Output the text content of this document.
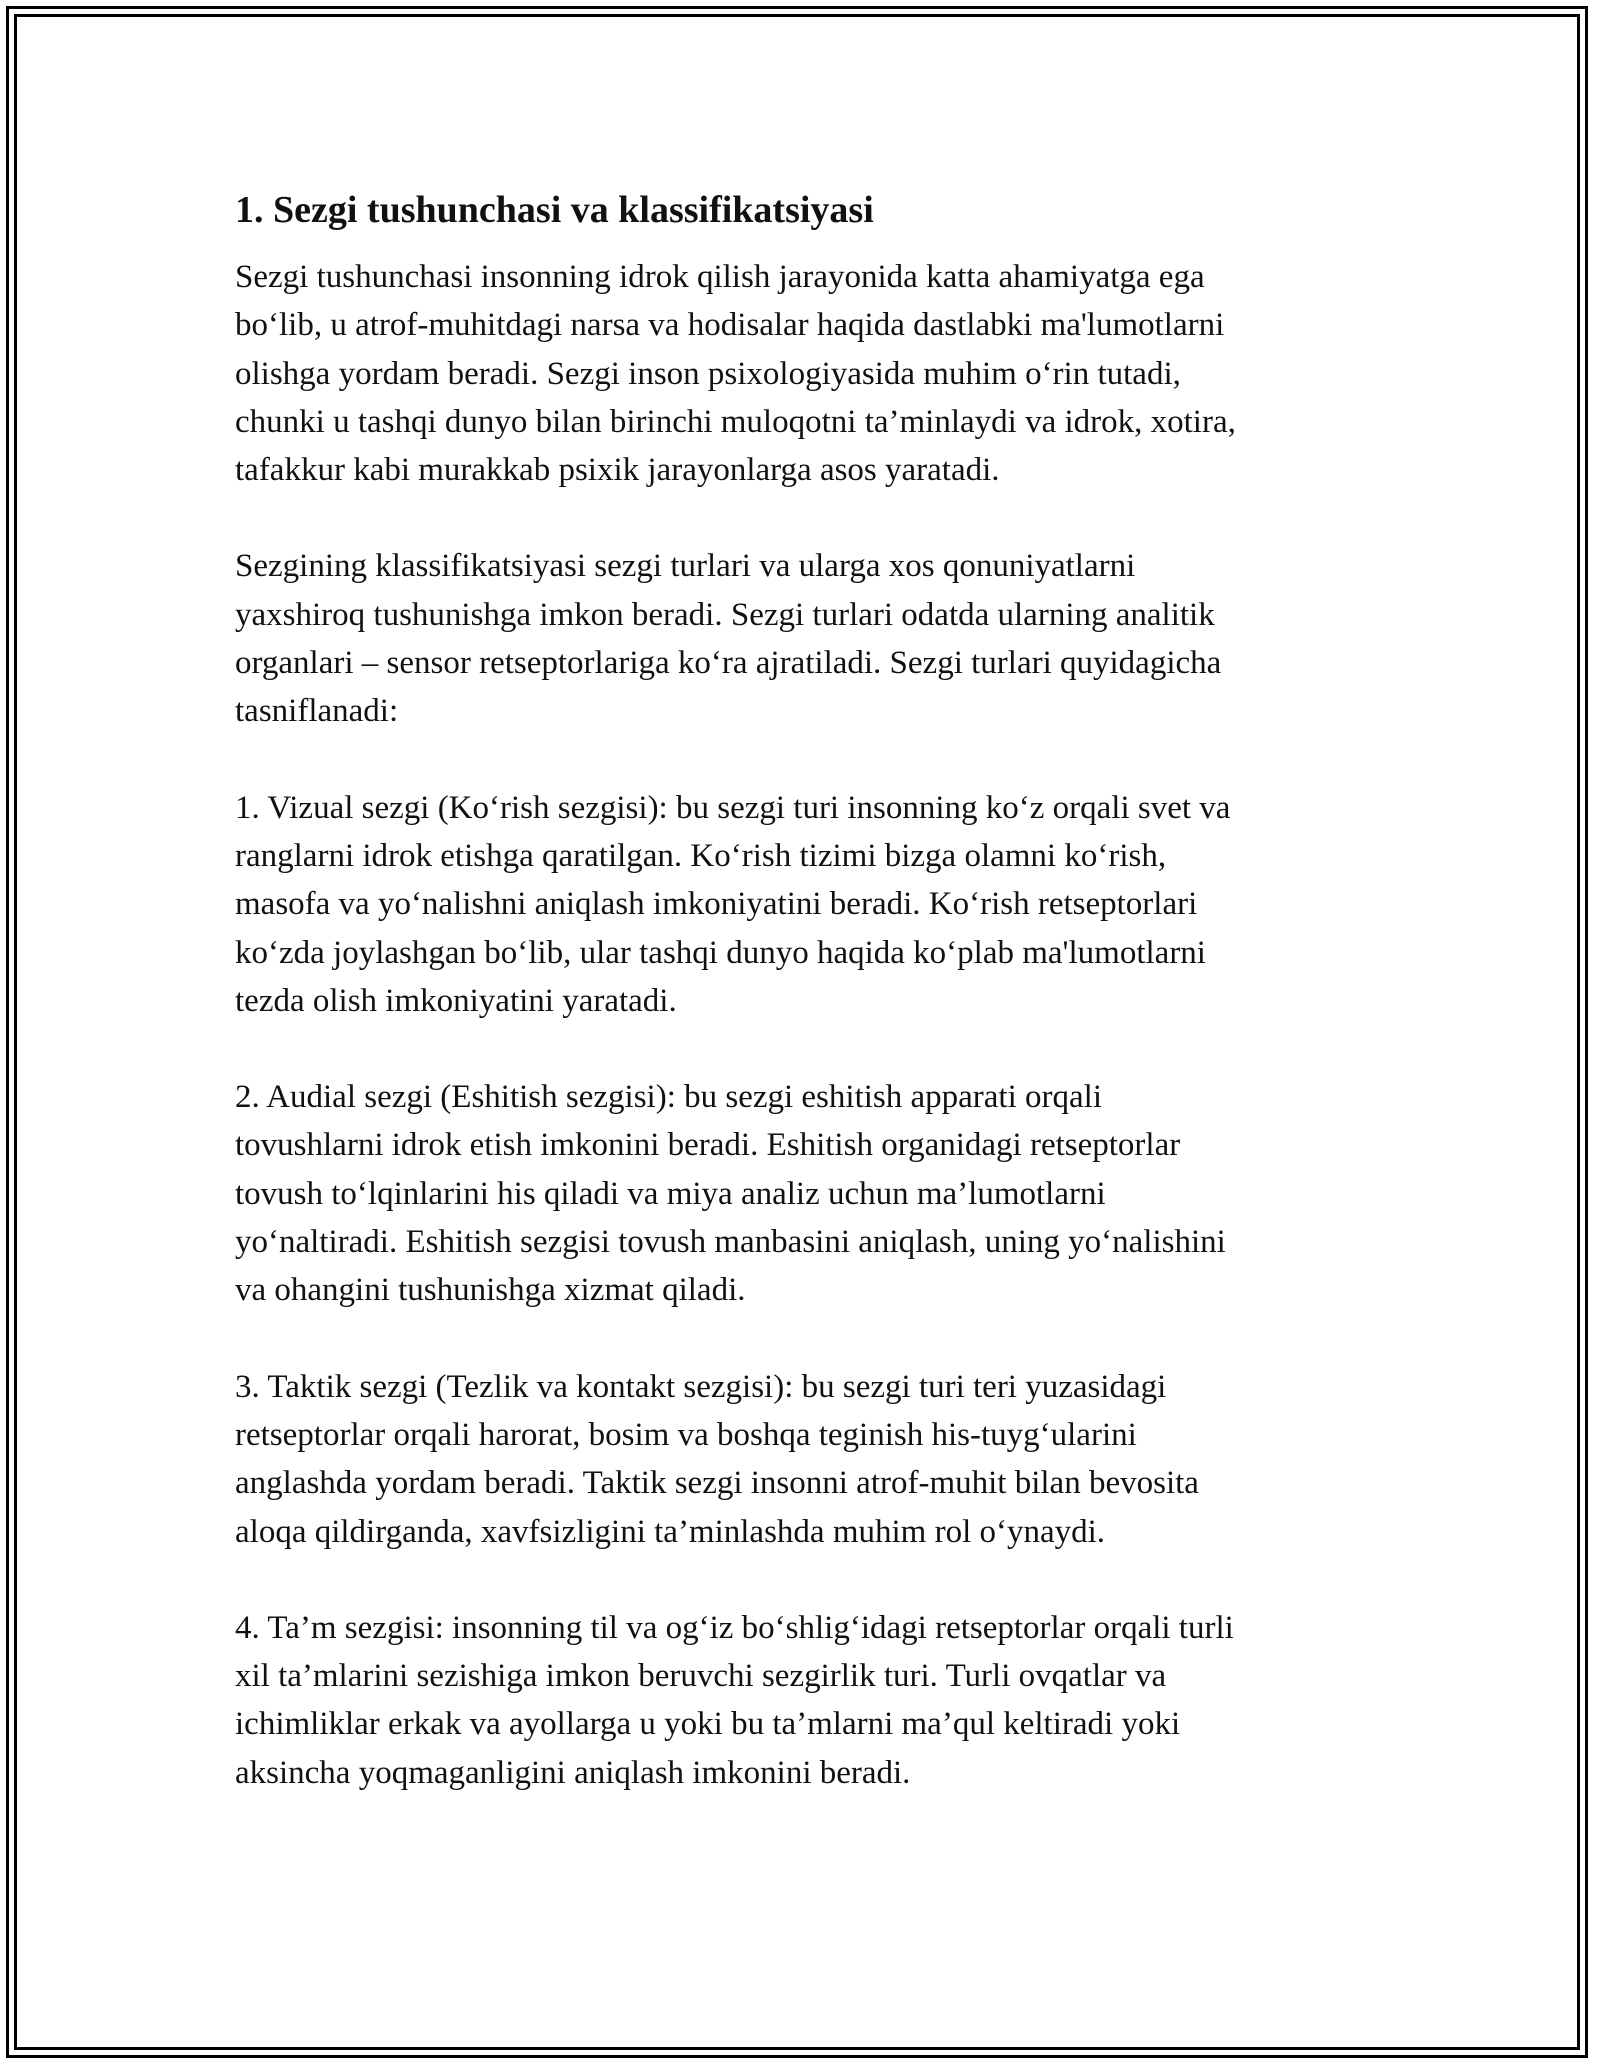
1. Sezgi tushunchasi va klassifikatsiyasi

Sezgi tushunchasi insonning idrok qilish jarayonida katta ahamiyatga ega
bo‘lib, u atrof-muhitdagi narsa va hodisalar haqida dastlabki ma'lumotlarni
olishga yordam beradi. Sezgi inson psixologiyasida muhim o‘rin tutadi,
chunki u tashqi dunyo bilan birinchi muloqotni ta’minlaydi va idrok, xotira,
tafakkur kabi murakkab psixik jarayonlarga asos yaratadi.

Sezgining klassifikatsiyasi sezgi turlari va ularga xos qonuniyatlarni
yaxshiroq tushunishga imkon beradi. Sezgi turlari odatda ularning analitik
organlari – sensor retseptorlariga ko‘ra ajratiladi. Sezgi turlari quyidagicha
tasniflanadi:

1. Vizual sezgi (Ko‘rish sezgisi): bu sezgi turi insonning ko‘z orqali svet va
ranglarni idrok etishga qaratilgan. Ko‘rish tizimi bizga olamni ko‘rish,
masofa va yo‘nalishni aniqlash imkoniyatini beradi. Ko‘rish retseptorlari
ko‘zda joylashgan bo‘lib, ular tashqi dunyo haqida ko‘plab ma'lumotlarni
tezda olish imkoniyatini yaratadi.

2. Audial sezgi (Eshitish sezgisi): bu sezgi eshitish apparati orqali
tovushlarni idrok etish imkonini beradi. Eshitish organidagi retseptorlar
tovush to‘lqinlarini his qiladi va miya analiz uchun ma’lumotlarni
yo‘naltiradi. Eshitish sezgisi tovush manbasini aniqlash, uning yo‘nalishini
va ohangini tushunishga xizmat qiladi.

3. Taktik sezgi (Tezlik va kontakt sezgisi): bu sezgi turi teri yuzasidagi
retseptorlar orqali harorat, bosim va boshqa teginish his-tuyg‘ularini
anglashda yordam beradi. Taktik sezgi insonni atrof-muhit bilan bevosita
aloqa qildirganda, xavfsizligini ta’minlashda muhim rol o‘ynaydi.

4. Ta’m sezgisi: insonning til va og‘iz bo‘shlig‘idagi retseptorlar orqali turli
xil ta’mlarini sezishiga imkon beruvchi sezgirlik turi. Turli ovqatlar va
ichimliklar erkak va ayollarga u yoki bu ta’mlarni ma’qul keltiradi yoki
aksincha yoqmaganligini aniqlash imkonini beradi.
